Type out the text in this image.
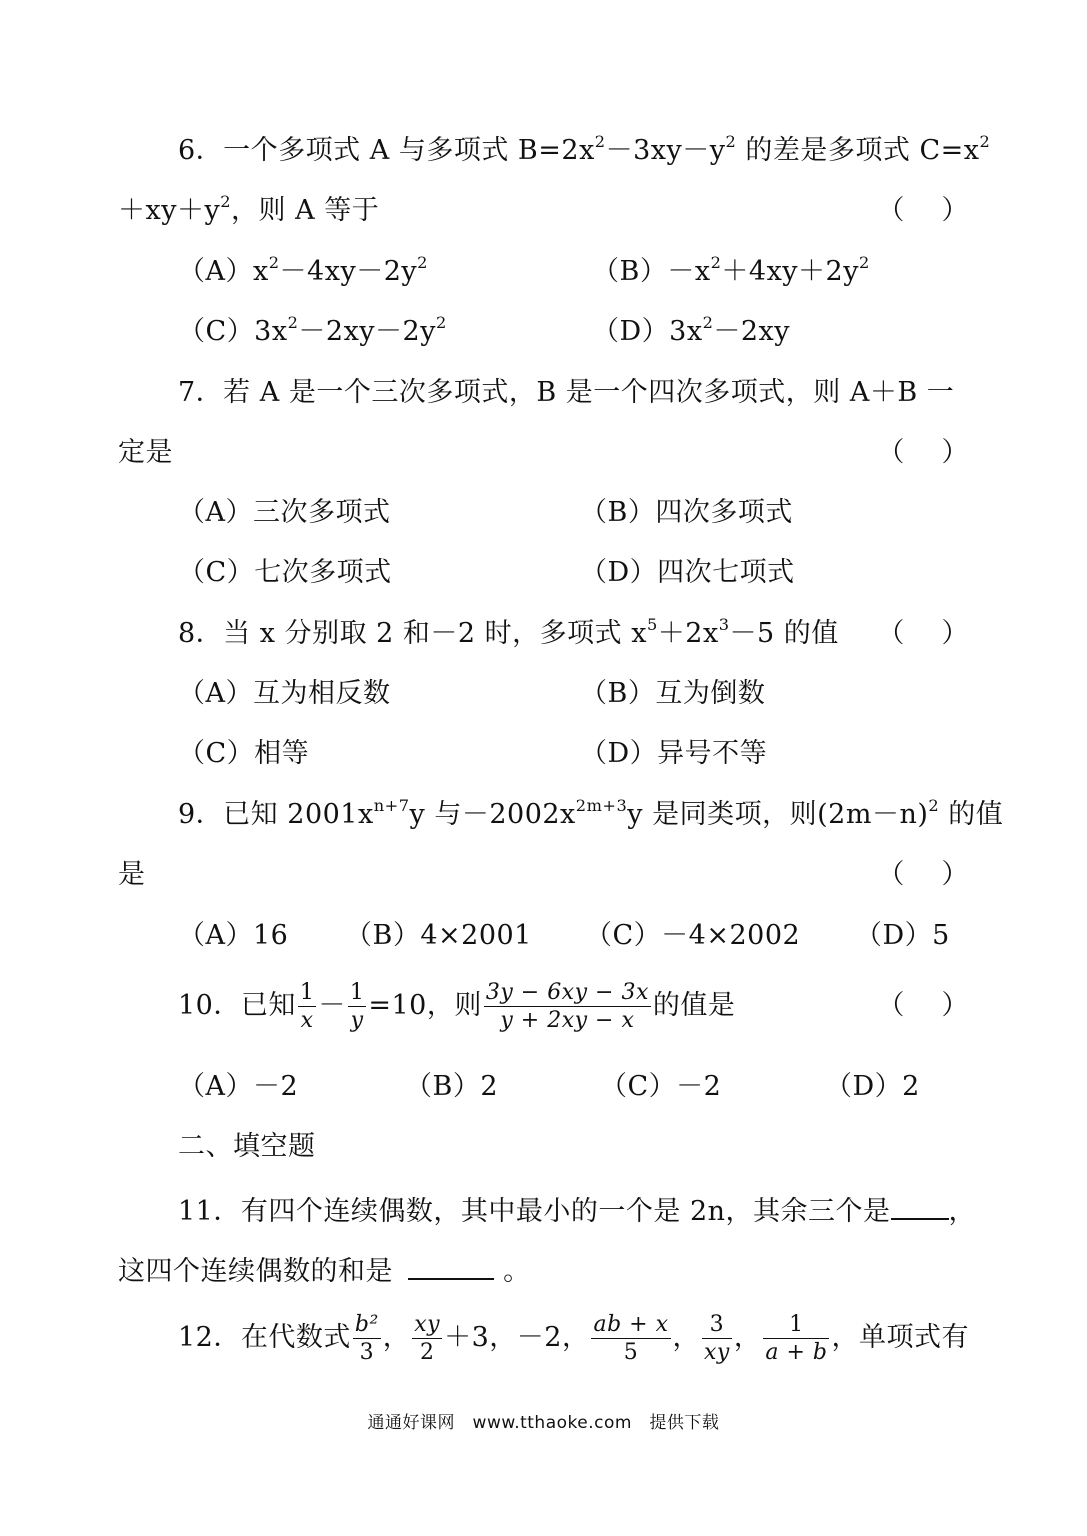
6．一个多项式 A 与多项式 $B=2x^2-3xy-y^2$ 的差是多项式 $C=x^2$
$+xy+y^2$，则 A 等于	（　 ）
$(A)x^2-4xy-2y^2$	$(B)-x^2+4xy+2y^2$
$(C)3x^2-2xy-2y^2$	$(D)3x^2-2xy$
7．若 A 是一个三次多项式，B 是一个四次多项式，则 A＋B 一
定是	（　 ）
（A）三次多项式	（B）四次多项式
（C）七次多项式	（D）四次七项式
8．当 x 分别取 2 和－2 时，多项式 $x^5+2x^3-5$ 的值 （　 ）
（A）互为相反数	（B）互为倒数
（C）相等	（D）异号不等
9．已知 $2001x^{n+7}y$ 与$-2002x^{2m+3}y$ 是同类项，则$(2m-n)^2$ 的值
是	（　 ）
（A）16 （B）4×2001 （C）－4×2002 （D）5
10．已知 $\frac{1}{x} - \frac{1}{y} =10$，则 $\frac{3y - 6xy - 3x}{y + 2xy - x}$ 的值是	（　 ）
（A）－2	（B）2	（C）－2	（D）2
二、填空题
11．有四个连续偶数，其中最小的一个是 2n，其余三个是 ，
这四个连续偶数的和是	。
12．在代数式 $\frac{\text{b²}}{3}$ ， $\frac{xy}{2} +3$，－2， $\frac{ab + x}{5}$ ， $\frac{3}{xy}$ ， $\frac{1}{a + b}$ ，单项式有
通通好课网　www.tthaoke.com　提供下载
